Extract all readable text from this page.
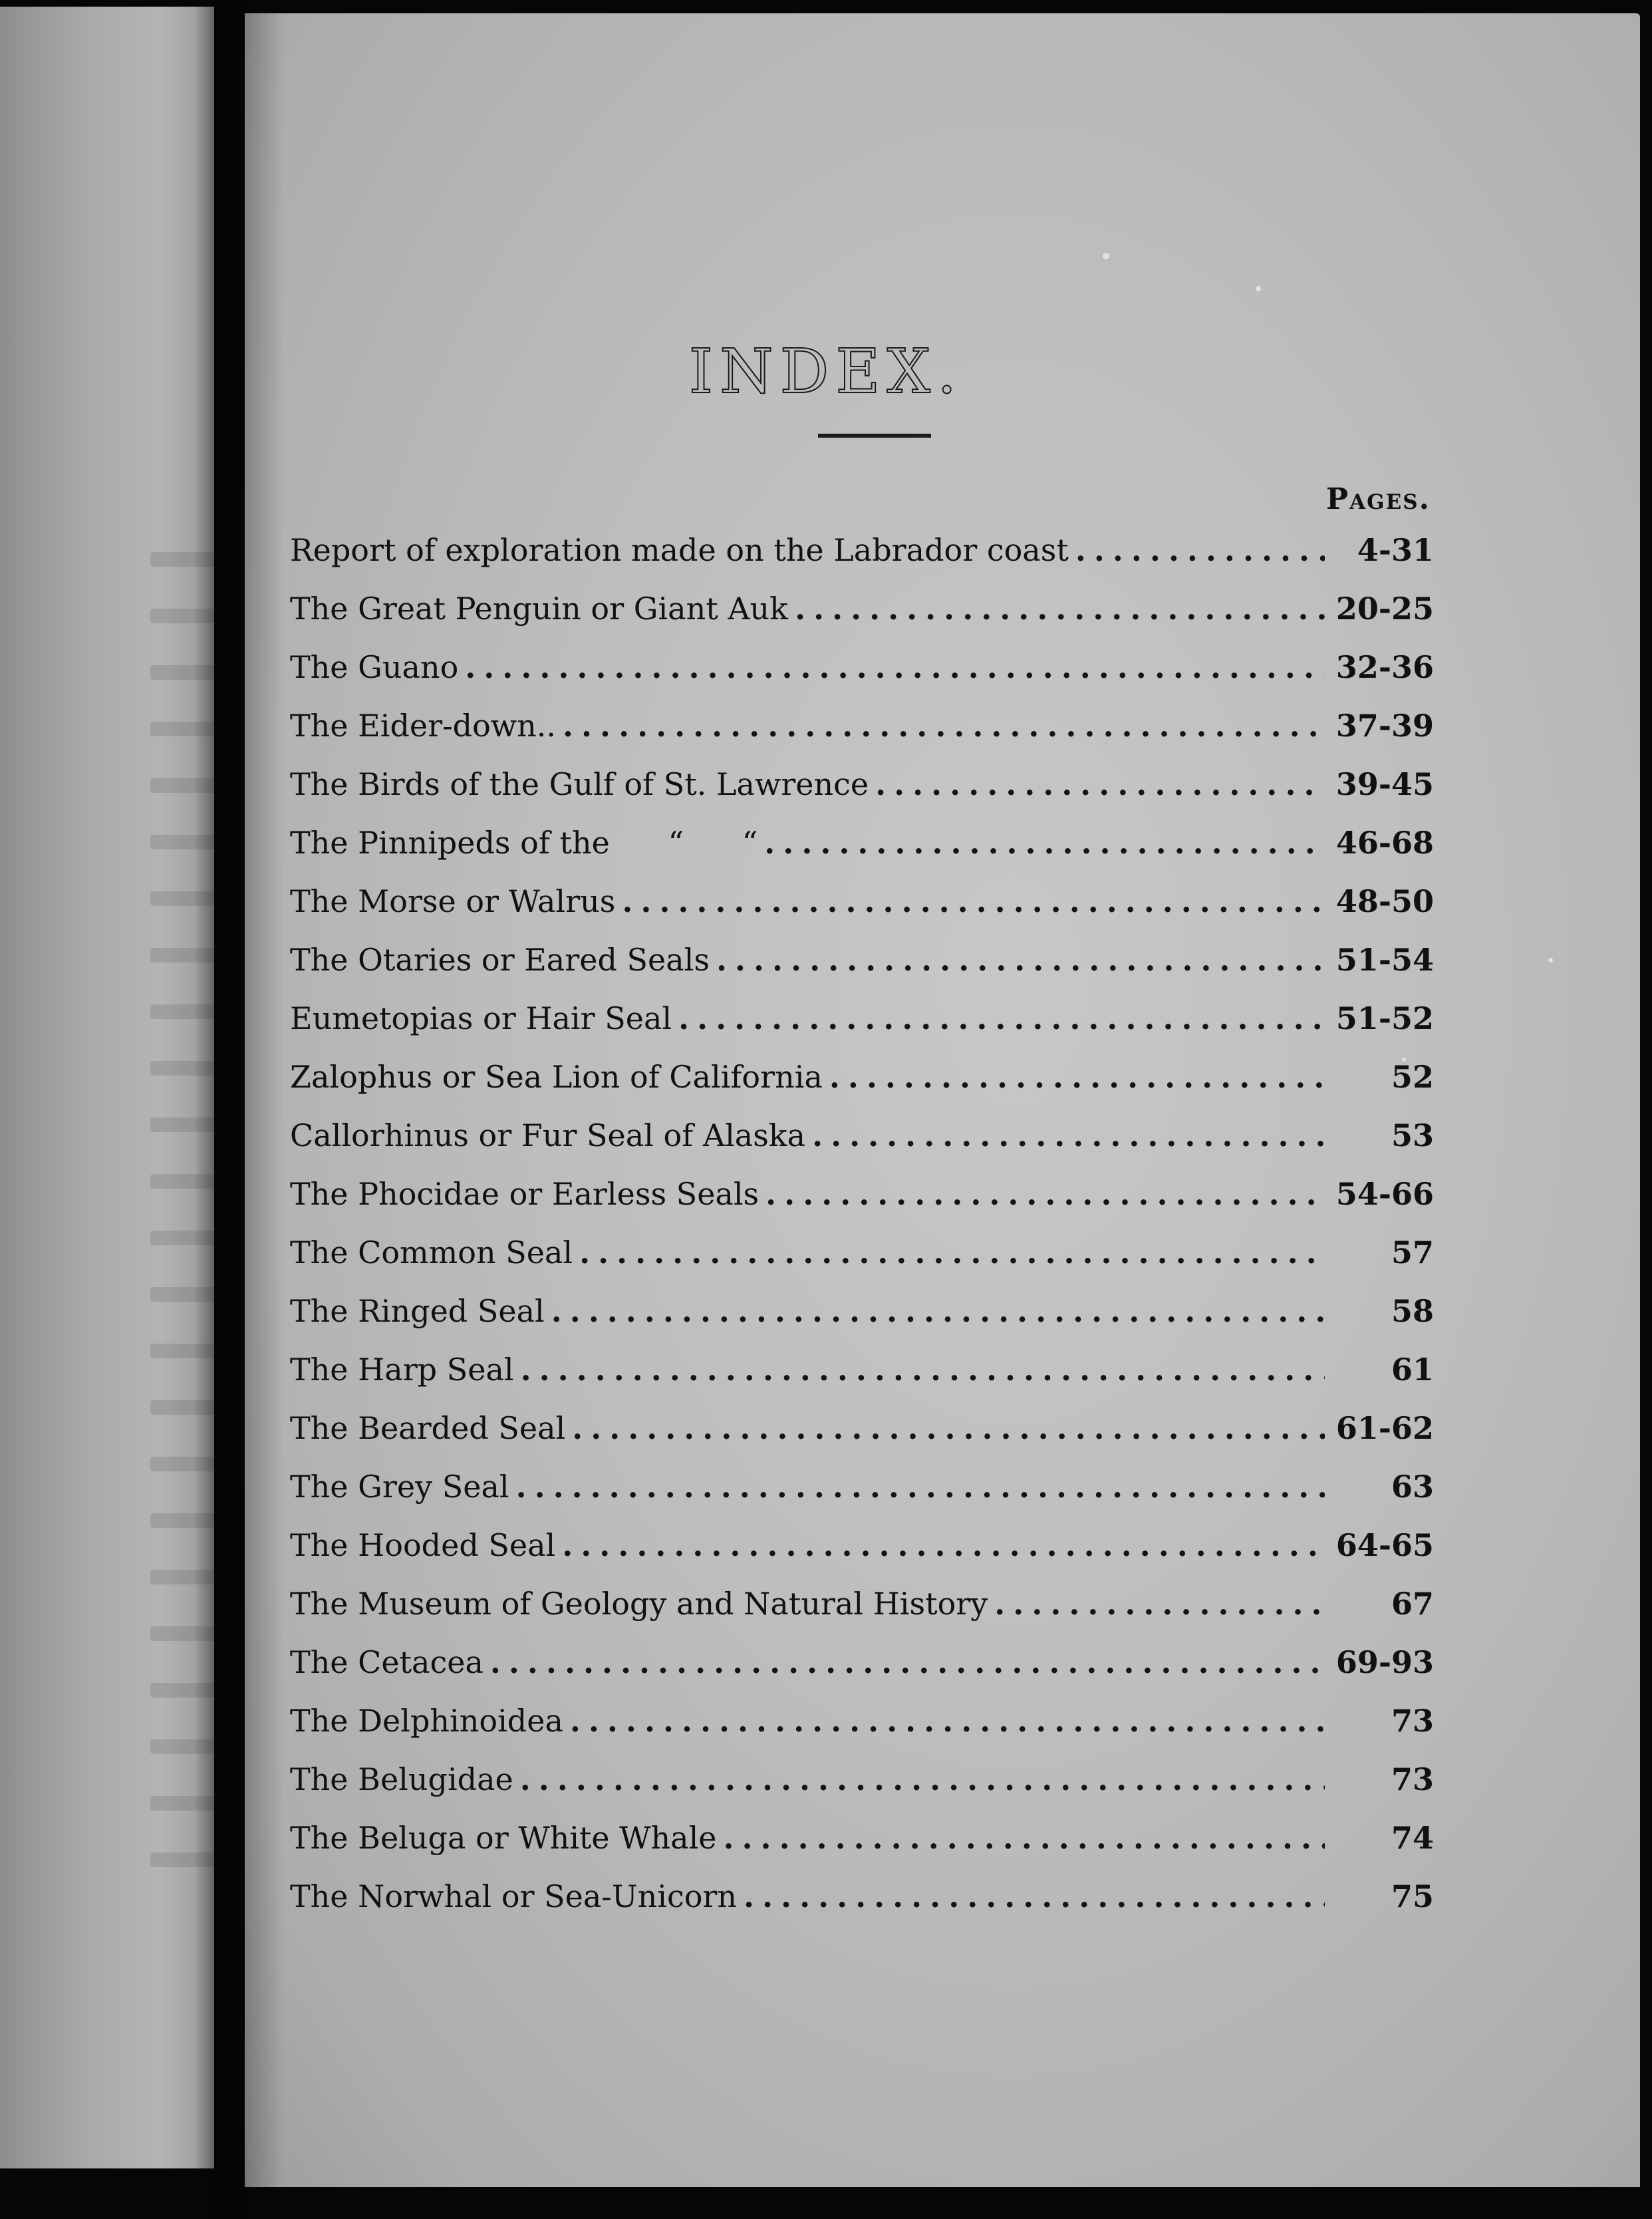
INDEX.
Pages.
Report of exploration made on the Labrador coast .....	4-31
The Great Penguin or Giant Auk .....	20-25
The Guano .....	32-36
The Eider-down.. .....	37-39
The Birds of the Gulf of St. Lawrence .....	39-45
The Pinnipeds of the      “      “ .....	46-68
The Morse or Walrus .....	48-50
The Otaries or Eared Seals .....	51-54
Eumetopias or Hair Seal .....	51-52
Zalophus or Sea Lion of California .....	52
Callorhinus or Fur Seal of Alaska .....	53
The Phocidae or Earless Seals .....	54-66
The Common Seal .....	57
The Ringed Seal .....	58
The Harp Seal .....	61
The Bearded Seal .....	61-62
The Grey Seal .....	63
The Hooded Seal .....	64-65
The Museum of Geology and Natural History .....	67
The Cetacea .....	69-93
The Delphinoidea .....	73
The Belugidae .....	73
The Beluga or White Whale .....	74
The Norwhal or Sea-Unicorn .....	75
